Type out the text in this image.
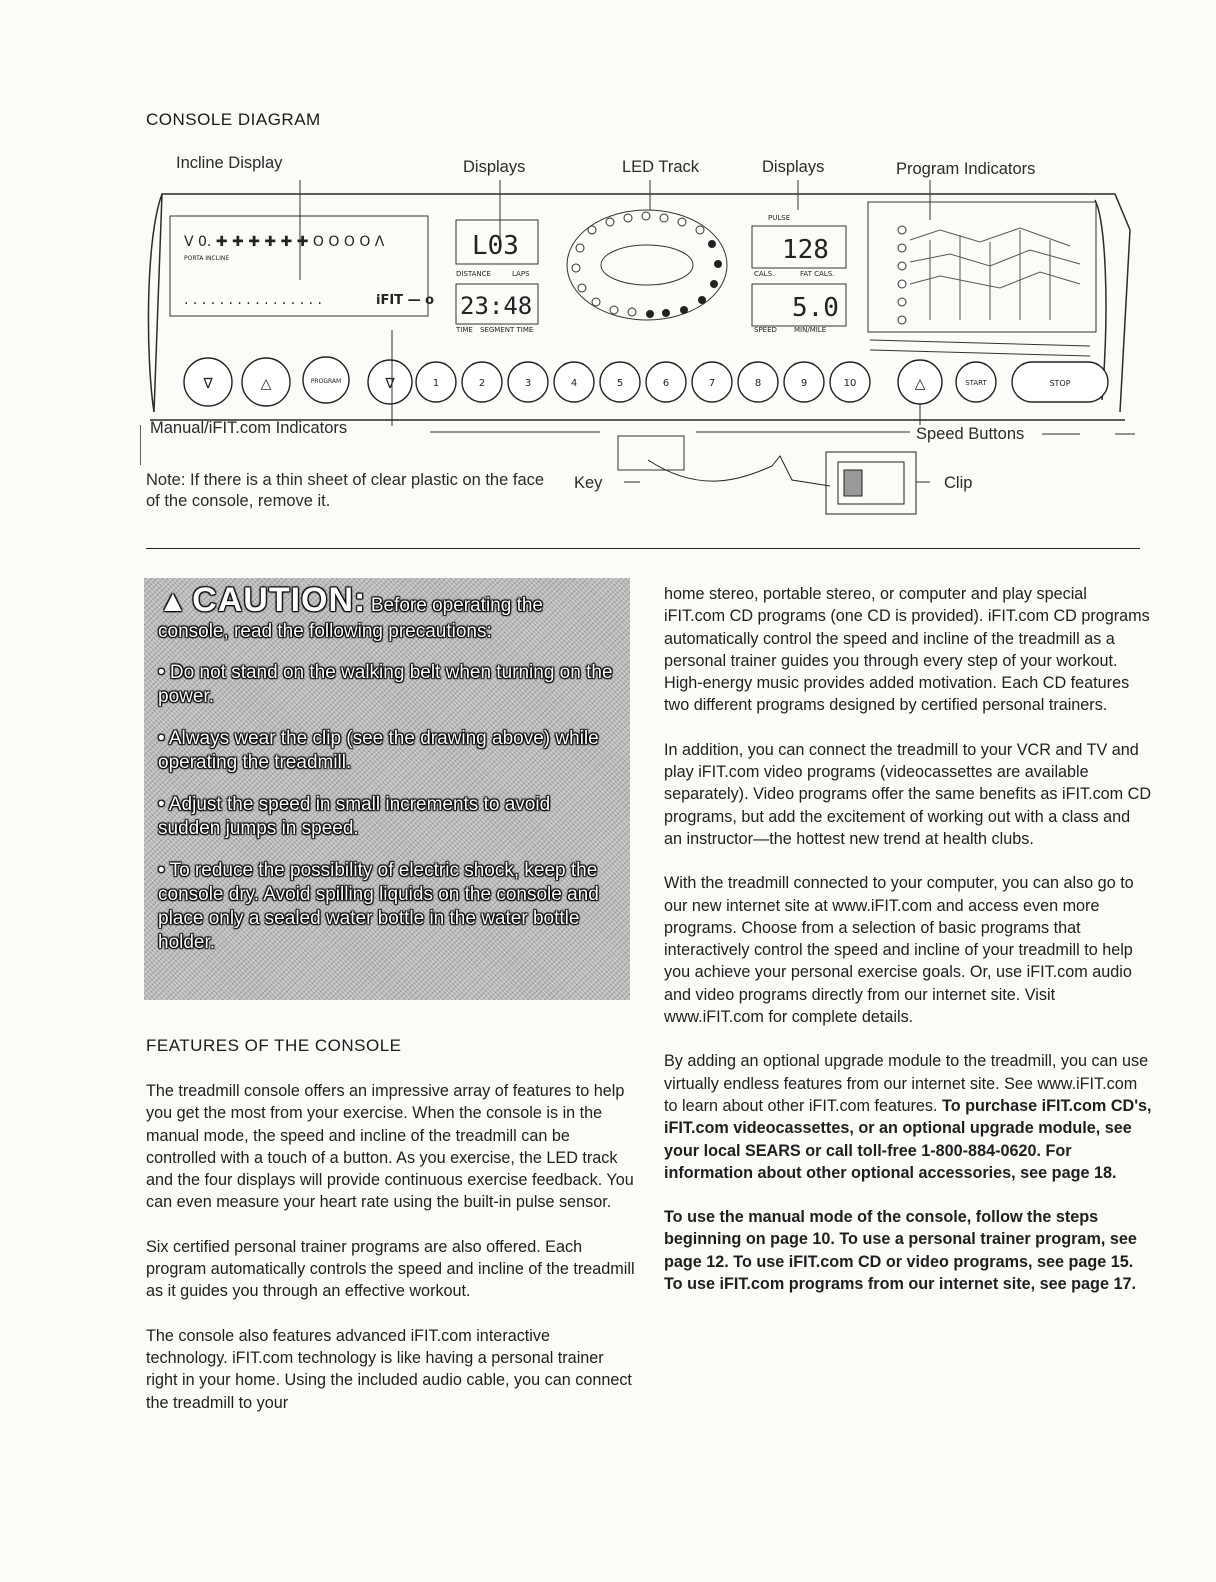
CONSOLE DIAGRAM
Incline Display	Displays	LED Track	Displays	Program Indicators
V 0. ✚ ✚ ✚ ✚ ✚ ✚ O O O O Λ
. . . . . . . . . . . . . . . .
PORTA INCLINE
iFIT — o
L03
DISTANCE	LAPS
23:48
TIME SEGMENT TIME
PULSE
128
CALS.	FAT CALS.
5.0
SPEED MIN/MILE
∇	△	PROGRAM	∇	1	2	3	4	5	6	7	8	9	10	△	START	STOP
Manual/iFIT.com Indicators	Speed Buttons
Key	Clip
Note: If there is a thin sheet of clear plastic on the face of the console, remove it.
▲ CAUTION: Before operating the
console, read the following precautions:
• Do not stand on the walking belt when turning on the power.
• Always wear the clip (see the drawing above) while operating the treadmill.
• Adjust the speed in small increments to avoid sudden jumps in speed.
• To reduce the possibility of electric shock, keep the console dry. Avoid spilling liquids on the console and place only a sealed water bottle in the water bottle holder.
FEATURES OF THE CONSOLE

The treadmill console offers an impressive array of features to help you get the most from your exercise. When the console is in the manual mode, the speed and incline of the treadmill can be controlled with a touch of a button. As you exercise, the LED track and the four displays will provide continuous exercise feedback. You can even measure your heart rate using the built-in pulse sensor.

Six certified personal trainer programs are also offered. Each program automatically controls the speed and incline of the treadmill as it guides you through an effective workout.

The console also features advanced iFIT.com interactive technology. iFIT.com technology is like having a personal trainer right in your home. Using the included audio cable, you can connect the treadmill to your

home stereo, portable stereo, or computer and play special iFIT.com CD programs (one CD is provided). iFIT.com CD programs automatically control the speed and incline of the treadmill as a personal trainer guides you through every step of your workout. High-energy music provides added motivation. Each CD features two different programs designed by certified personal trainers.

In addition, you can connect the treadmill to your VCR and TV and play iFIT.com video programs (videocassettes are available separately). Video programs offer the same benefits as iFIT.com CD programs, but add the excitement of working out with a class and an instructor—the hottest new trend at health clubs.

With the treadmill connected to your computer, you can also go to our new internet site at www.iFIT.com and access even more programs. Choose from a selection of basic programs that interactively control the speed and incline of your treadmill to help you achieve your personal exercise goals. Or, use iFIT.com audio and video programs directly from our internet site. Visit www.iFIT.com for complete details.

By adding an optional upgrade module to the treadmill, you can use virtually endless features from our internet site. See www.iFIT.com to learn about other iFIT.com features. To purchase iFIT.com CD's, iFIT.com videocassettes, or an optional upgrade module, see your local SEARS or call toll-free 1-800-884-0620. For information about other optional accessories, see page 18.

To use the manual mode of the console, follow the steps beginning on page 10. To use a personal trainer program, see page 12. To use iFIT.com CD or video programs, see page 15. To use iFIT.com programs from our internet site, see page 17.
